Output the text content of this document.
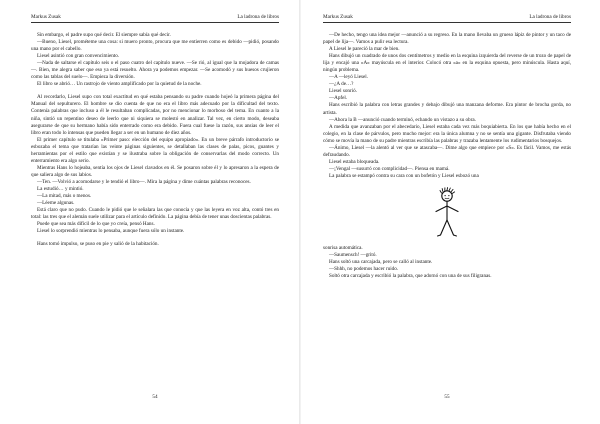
Markus Zusak	La ladrona de libros

Sin embargo, el padre supo qué decir. El siempre sabía qué decir.

—Bueno, Liesel, prométeme una cosa: si muero pronto, procura que me entierren como es debido —pidió, posando una mano por el cabello.

Liesel asintió con gran convencimiento.

—Nada de saltarse el capítulo seis o el paso cuatro del capítulo nueve. —Se rió, al igual que la mojadora de camas—. Bien, me alegra saber que eso ya está resuelto. Ahora ya podemos empezar. —Se acomodó y sus huesos crujieron como las tablas del suelo—. Empieza la diversión.

El libro se abrió… Un rastrojo de viento amplificado por la quietud de la noche.

Al recordarlo, Liesel supo con total exactitud en qué estaba pensando su padre cuando hojeó la primera página del Manual del sepulturero. El hombre se dio cuenta de que no era el libro más adecuado por la dificultad del texto. Contenía palabras que incluso a él le resultaban complicadas, por no mencionar lo morboso del tema. En cuanto a la niña, sintió un repentino deseo de leerlo que ni siquiera se molestó en analizar. Tal vez, en cierto modo, deseaba asegurarse de que su hermano había sido enterrado como era debido. Fuera cual fuese la razón, sus ansias de leer el libro eran todo lo intensas que pueden llegar a ser en un humano de diez años.

El primer capítulo se titulaba «Primer paso: elección del equipo apropiado». En un breve párrafo introductorio se esbozaba el tema que tratarían las veinte páginas siguientes, se detallaban las clases de palas, picos, guantes y herramientas por el estilo que existían y se ilustraba sobre la obligación de conservarlas del modo correcto. Un enterramiento era algo serio.

Mientras Hans lo hojeaba, sentía los ojos de Liesel clavados en él. Se posaron sobre él y lo apresaron a la espera de que saliera algo de sus labios.

—Ten. —Volvió a acomodarse y le tendió el libro—. Mira la página y dime cuántas palabras reconoces.

La estudió… y mintió.

—La mitad, más o menos.

—Léeme algunas.

Está claro que no pudo. Cuando le pidió que le señalara las que conocía y que las leyera en voz alta, contó tres en total: las tres que el alemán suele utilizar para el artículo definido. La página debía de tener unas doscientas palabras.

Puede que sea más difícil de lo que yo creía, pensó Hans.

Liesel lo sorprendió mientras lo pensaba, aunque fuera sólo un instante.

Hans tomó impulso, se puso en pie y salió de la habitación.

54
Markus Zusak	La ladrona de libros

—De hecho, tengo una idea mejor —anunció a su regreso. En la mano llevaba un grueso lápiz de pintor y un taco de papel de lija—. Vamos a pulir esa lectura.

A Liesel le pareció la mar de bien.

Hans dibujó un cuadrado de unos dos centímetros y medio en la esquina izquierda del reverse de un trozo de papel de lija y encajó una «A» mayúscula en el interior. Colocó otra «a» en la esquina opuesta, pero minúscula. Hasta aquí, ningún problema.

—A —leyó Liesel.

—¿A de…?

Liesel sonrió.

—Apfel.

Hans escribió la palabra con letras grandes y debajo dibujó una manzana deforme. Era pintor de brocha gorda, no artista.

—Ahora la B —anunció cuando terminó, echando un vistazo a su obra.

A medida que avanzaban por el abecedario, Liesel estaba cada vez más boquiabierta. En los que había hecho en el colegio, en la clase de párvulos, pero mucho mejor: era la única alumna y no se sentía una gigante. Disfrutaba viendo cómo se movía la mano de su padre mientras escribía las palabras y trazaba lentamente los rudimentarios bosquejos.

—Ánimo, Liesel —la alentó al ver que se atascaba—. Dime algo que empiece por «S». Es fácil. Vamos, me estás defraudando.

Liesel estaba bloqueada.

—¡Vengal —susurró con complicidad—. Piensa en mamá.

La palabra se estampó contra su cara con un bofetón y Liesel esbozó una

sonrisa automática.

—Saumensch! —gritó.

Hans soltó una carcajada, pero se calló al instante.

—Shhh, no podemos hacer ruido.

Soltó otra carcajada y escribió la palabra, que adornó con una de sus filigranas.

55
